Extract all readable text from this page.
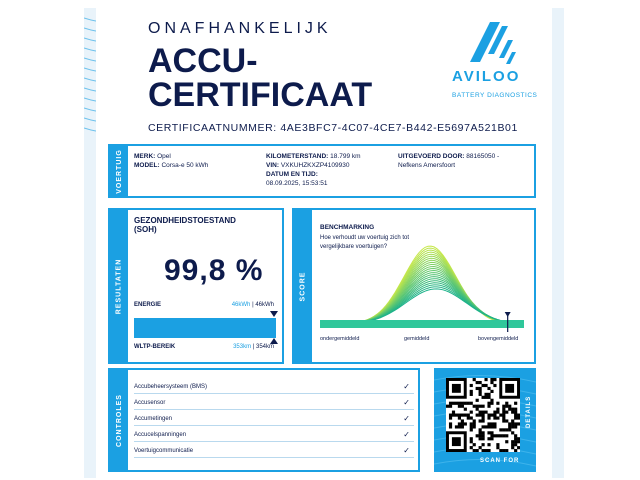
ONAFHANKELIJK
ACCU-
CERTIFICAAT
CERTIFICAATNUMMER: 4AE3BFC7-4C07-4CE7-B442-E5697A521B01
AVILOO
BATTERY DIAGNOSTICS
VOERTUIG MERK: Opel
MODEL: Corsa-e 50 kWh
KILOMETERSTAND: 18.799 km
VIN: VXKUHZKXZP4109930
DATUM EN TIJD:
08.09.2025, 15:53:51
UITGEVOERD DOOR: 88165050 -
Nefkens Amersfoort
RESULTATEN
GEZONDHEIDSTOESTAND
(SOH)
99,8 %
ENERGIE	46kWh | 46kWh
WLTP-BEREIK	353km | 354km
SCORE
BENCHMARKING
Hoe verhoudt uw voertuig zich tot vergelijkbare voertuigen?
ondergemiddeld	gemiddeld	bovengemiddeld
CONTROLES
Accubeheersysteem (BMS)	✓
Accusensor	✓
Accumetingen	✓
Accucelspanningen	✓
Voertuigcommunicatie	✓
SCAN FOR
DETAILS
